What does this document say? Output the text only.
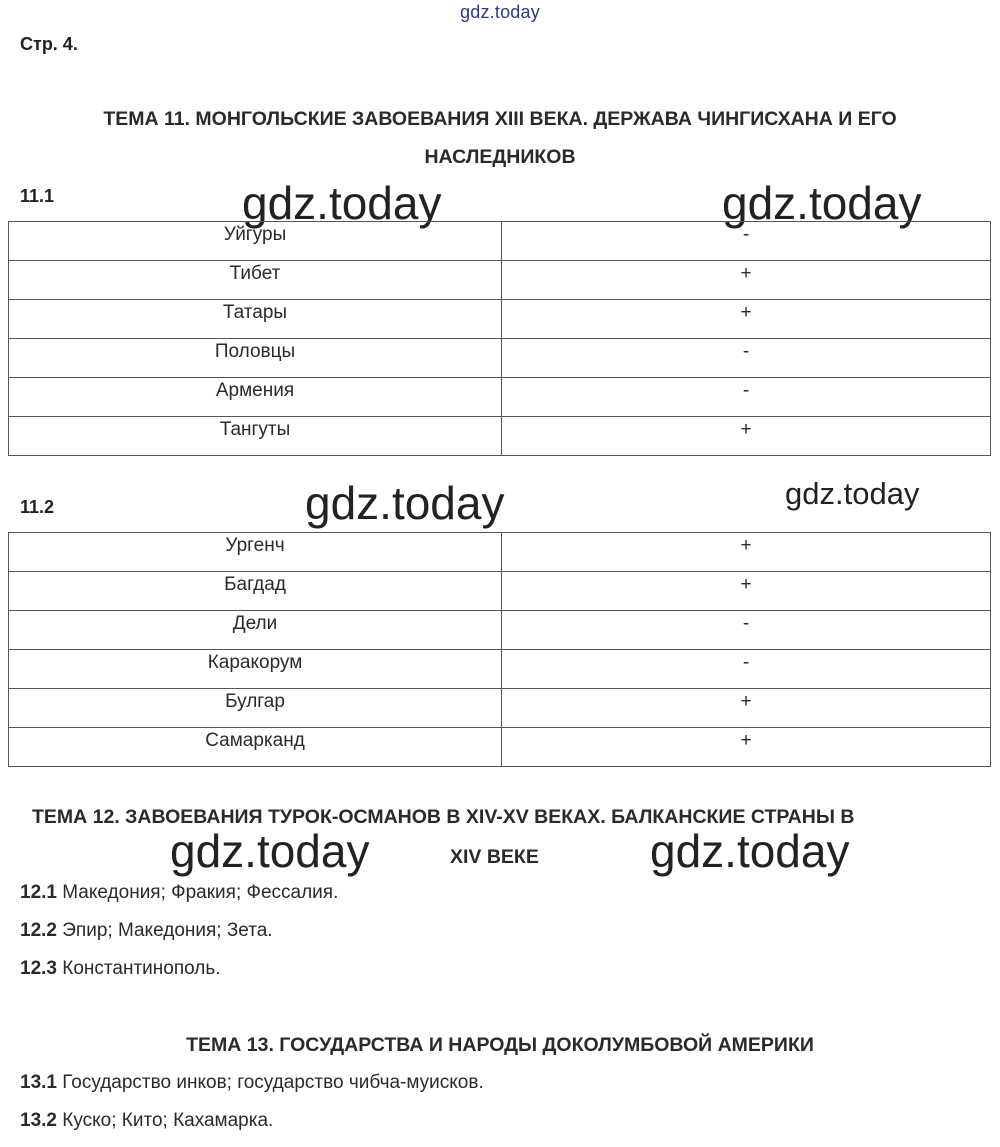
gdz.today
Стр. 4.
ТЕМА 11. МОНГОЛЬСКИЕ ЗАВОЕВАНИЯ XIII ВЕКА. ДЕРЖАВА ЧИНГИСХАНА И ЕГО
НАСЛЕДНИКОВ
11.1	gdz.today	gdz.today
Уйгуры	-
Тибет	+
Татары	+
Половцы	-
Армения	-
Тангуты	+
11.2	gdz.today	gdz.today
Ургенч	+
Багдад	+
Дели	-
Каракорум	-
Булгар	+
Самарканд	+
ТЕМА 12. ЗАВОЕВАНИЯ ТУРОК-ОСМАНОВ В XIV-XV ВЕКАХ. БАЛКАНСКИЕ СТРАНЫ В
gdz.today	XIV ВЕКЕ gdz.today
12.1 Македония; Фракия; Фессалия.
12.2 Эпир; Македония; Зета.
12.3 Константинополь.
ТЕМА 13. ГОСУДАРСТВА И НАРОДЫ ДОКОЛУМБОВОЙ АМЕРИКИ
13.1 Государство инков; государство чибча-муисков.
13.2 Куско; Кито; Кахамарка.
